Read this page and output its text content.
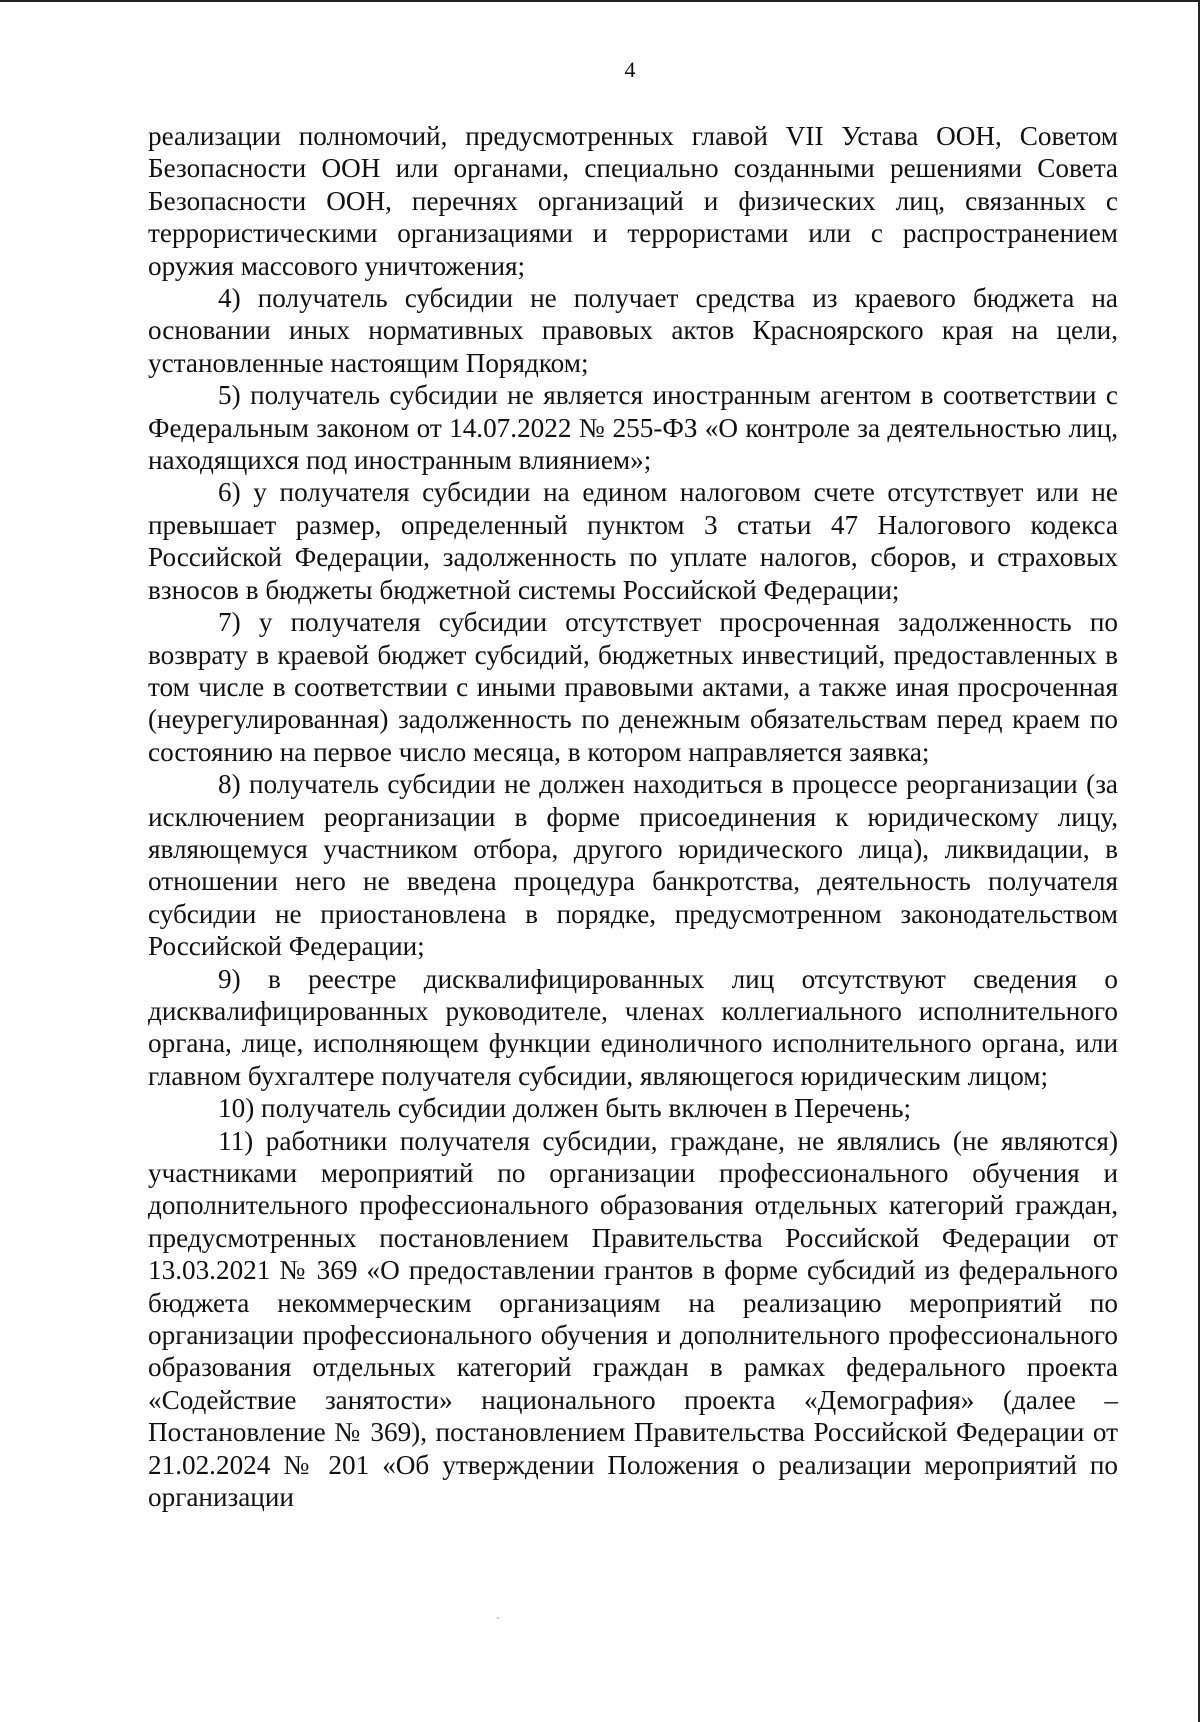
4

реализации полномочий, предусмотренных главой VII Устава ООН, Советом Безопасности ООН или органами, специально созданными решениями Совета Безопасности ООН, перечнях организаций и физических лиц, связанных с террористическими организациями и террористами или с распространением оружия массового уничтожения;

4) получатель субсидии не получает средства из краевого бюджета на основании иных нормативных правовых актов Красноярского края на цели, установленные настоящим Порядком;

5) получатель субсидии не является иностранным агентом в соответствии с Федеральным законом от 14.07.2022 № 255-ФЗ «О контроле за деятельностью лиц, находящихся под иностранным влиянием»;

6) у получателя субсидии на едином налоговом счете отсутствует или не превышает размер, определенный пунктом 3 статьи 47 Налогового кодекса Российской Федерации, задолженность по уплате налогов, сборов, и страховых взносов в бюджеты бюджетной системы Российской Федерации;

7) у получателя субсидии отсутствует просроченная задолженность по возврату в краевой бюджет субсидий, бюджетных инвестиций, предоставленных в том числе в соответствии с иными правовыми актами, а также иная просроченная (неурегулированная) задолженность по денежным обязательствам перед краем по состоянию на первое число месяца, в котором направляется заявка;

8) получатель субсидии не должен находиться в процессе реорганизации (за исключением реорганизации в форме присоединения к юридическому лицу, являющемуся участником отбора, другого юридического лица), ликвидации, в отношении него не введена процедура банкротства, деятельность получателя субсидии не приостановлена в порядке, предусмотренном законодательством Российской Федерации;

9) в реестре дисквалифицированных лиц отсутствуют сведения о дисквалифицированных руководителе, членах коллегиального исполнительного органа, лице, исполняющем функции единоличного исполнительного органа, или главном бухгалтере получателя субсидии, являющегося юридическим лицом;

10) получатель субсидии должен быть включен в Перечень;

11) работники получателя субсидии, граждане, не являлись (не являются) участниками мероприятий по организации профессионального обучения и дополнительного профессионального образования отдельных категорий граждан, предусмотренных постановлением Правительства Российской Федерации от 13.03.2021 № 369 «О предоставлении грантов в форме субсидий из федерального бюджета некоммерческим организациям на реализацию мероприятий по организации профессионального обучения и дополнительного профессионального образования отдельных категорий граждан в рамках федерального проекта «Содействие занятости» национального проекта «Демография» (далее – Постановление № 369), постановлением Правительства Российской Федерации от 21.02.2024 № 201 «Об утверждении Положения о реализации мероприятий по организации
